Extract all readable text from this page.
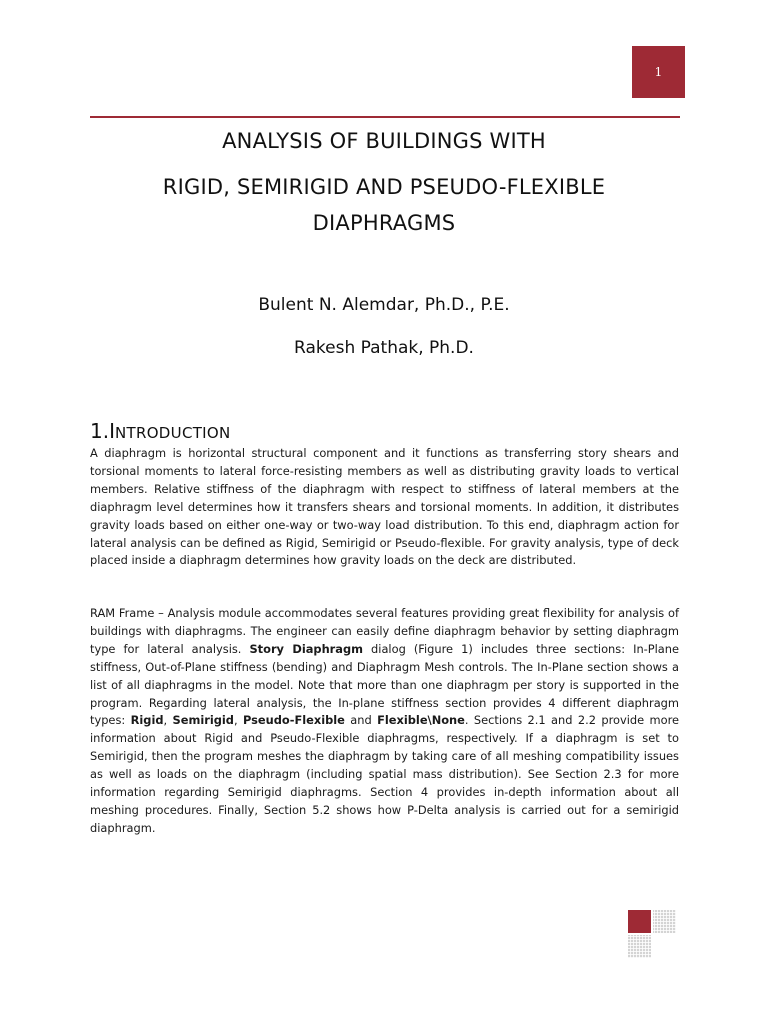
1

ANALYSIS OF BUILDINGS WITH

RIGID, SEMIRIGID AND PSEUDO-FLEXIBLE

DIAPHRAGMS

Bulent N. Alemdar, Ph.D., P.E.

Rakesh Pathak, Ph.D.

1.INTRODUCTION

A diaphragm is horizontal structural component and it functions as transferring story shears and torsional moments to lateral force-resisting members as well as distributing gravity loads to vertical members. Relative stiffness of the diaphragm with respect to stiffness of lateral members at the diaphragm level determines how it transfers shears and torsional moments. In addition, it distributes gravity loads based on either one-way or two-way load distribution. To this end, diaphragm action for lateral analysis can be defined as Rigid, Semirigid or Pseudo-flexible. For gravity analysis, type of deck placed inside a diaphragm determines how gravity loads on the deck are distributed.

RAM Frame – Analysis module accommodates several features providing great flexibility for analysis of buildings with diaphragms. The engineer can easily define diaphragm behavior by setting diaphragm type for lateral analysis. Story Diaphragm dialog (Figure 1) includes three sections: In-Plane stiffness, Out-of-Plane stiffness (bending) and Diaphragm Mesh controls. The In-Plane section shows a list of all diaphragms in the model. Note that more than one diaphragm per story is supported in the program. Regarding lateral analysis, the In-plane stiffness section provides 4 different diaphragm types: Rigid, Semirigid, Pseudo-Flexible and Flexible\None. Sections 2.1 and 2.2 provide more information about Rigid and Pseudo-Flexible diaphragms, respectively. If a diaphragm is set to Semirigid, then the program meshes the diaphragm by taking care of all meshing compatibility issues as well as loads on the diaphragm (including spatial mass distribution). See Section 2.3 for more information regarding Semirigid diaphragms. Section 4 provides in-depth information about all meshing procedures. Finally, Section 5.2 shows how P-Delta analysis is carried out for a semirigid diaphragm.
